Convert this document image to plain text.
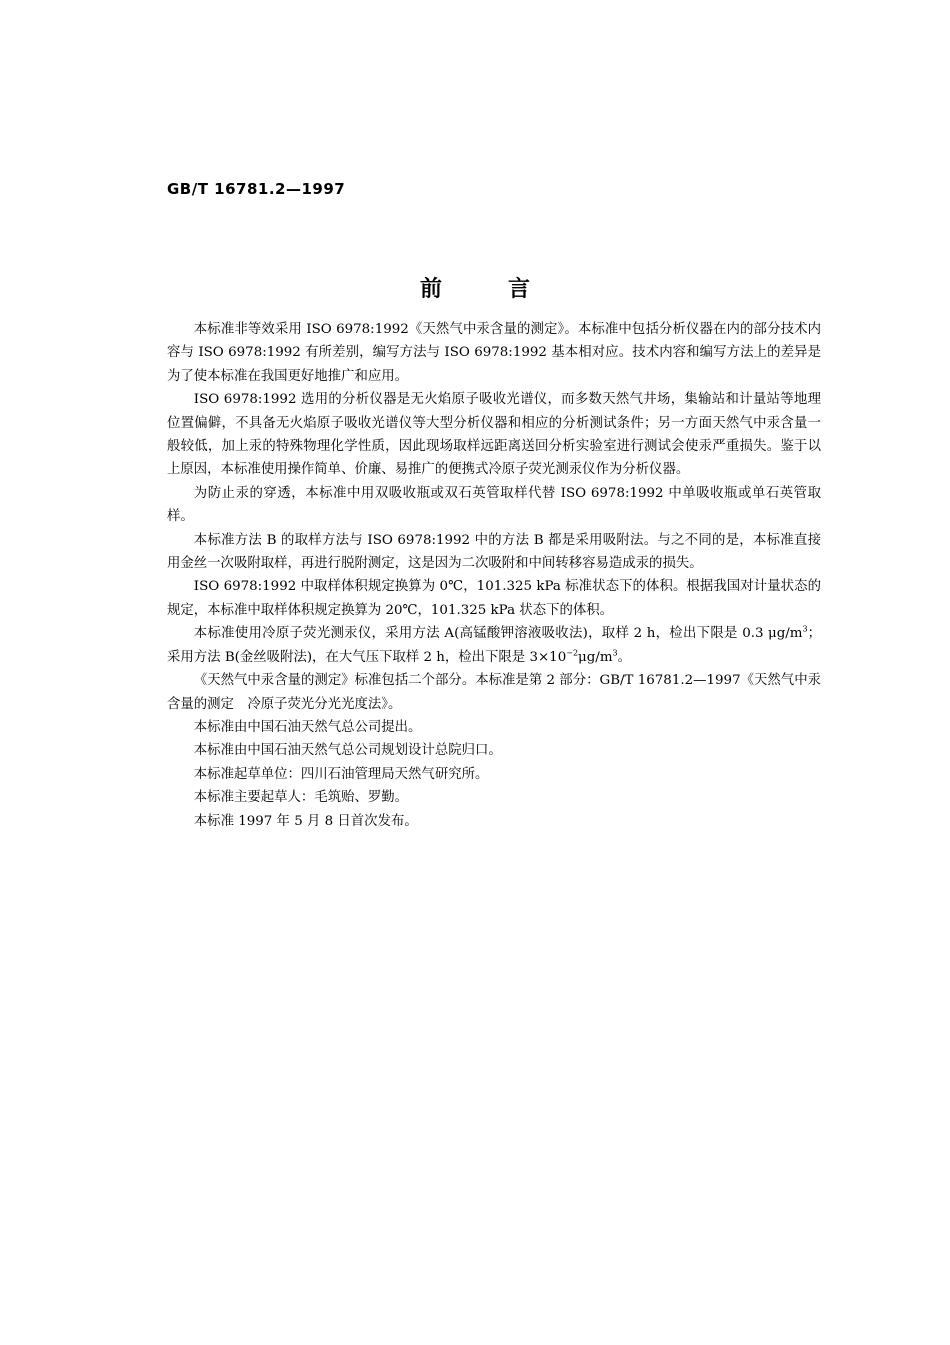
GB/T 16781.2—1997
前	言

本标准非等效采用 ISO 6978:1992《天然气中汞含量的测定》。本标准中包括分析仪器在内的部分技术内容与 ISO 6978:1992 有所差别，编写方法与 ISO 6978:1992 基本相对应。技术内容和编写方法上的差异是为了使本标准在我国更好地推广和应用。

ISO 6978:1992 选用的分析仪器是无火焰原子吸收光谱仪，而多数天然气井场，集输站和计量站等地理位置偏僻，不具备无火焰原子吸收光谱仪等大型分析仪器和相应的分析测试条件；另一方面天然气中汞含量一般较低，加上汞的特殊物理化学性质，因此现场取样远距离送回分析实验室进行测试会使汞严重损失。鉴于以上原因，本标准使用操作简单、价廉、易推广的便携式冷原子荧光测汞仪作为分析仪器。

为防止汞的穿透，本标准中用双吸收瓶或双石英管取样代替 ISO 6978:1992 中单吸收瓶或单石英管取样。

本标准方法 B 的取样方法与 ISO 6978:1992 中的方法 B 都是采用吸附法。与之不同的是，本标准直接用金丝一次吸附取样，再进行脱附测定，这是因为二次吸附和中间转移容易造成汞的损失。

ISO 6978:1992 中取样体积规定换算为 0℃，101.325 kPa 标准状态下的体积。根据我国对计量状态的规定，本标准中取样体积规定换算为 20℃，101.325 kPa 状态下的体积。

本标准使用冷原子荧光测汞仪，采用方法 A(高锰酸钾溶液吸收法)，取样 2 h，检出下限是 0.3 $\mu g/m^3$；采用方法 B(金丝吸附法)，在大气压下取样 2 h，检出下限是 $3\times 10^{-2}\mu g/m^3$。

《天然气中汞含量的测定》标准包括二个部分。本标准是第 2 部分：GB/T 16781.2—1997《天然气中汞含量的测定　冷原子荧光分光光度法》。

本标准由中国石油天然气总公司提出。

本标准由中国石油天然气总公司规划设计总院归口。

本标准起草单位：四川石油管理局天然气研究所。

本标准主要起草人：毛筑贻、罗勤。

本标准 1997 年 5 月 8 日首次发布。
